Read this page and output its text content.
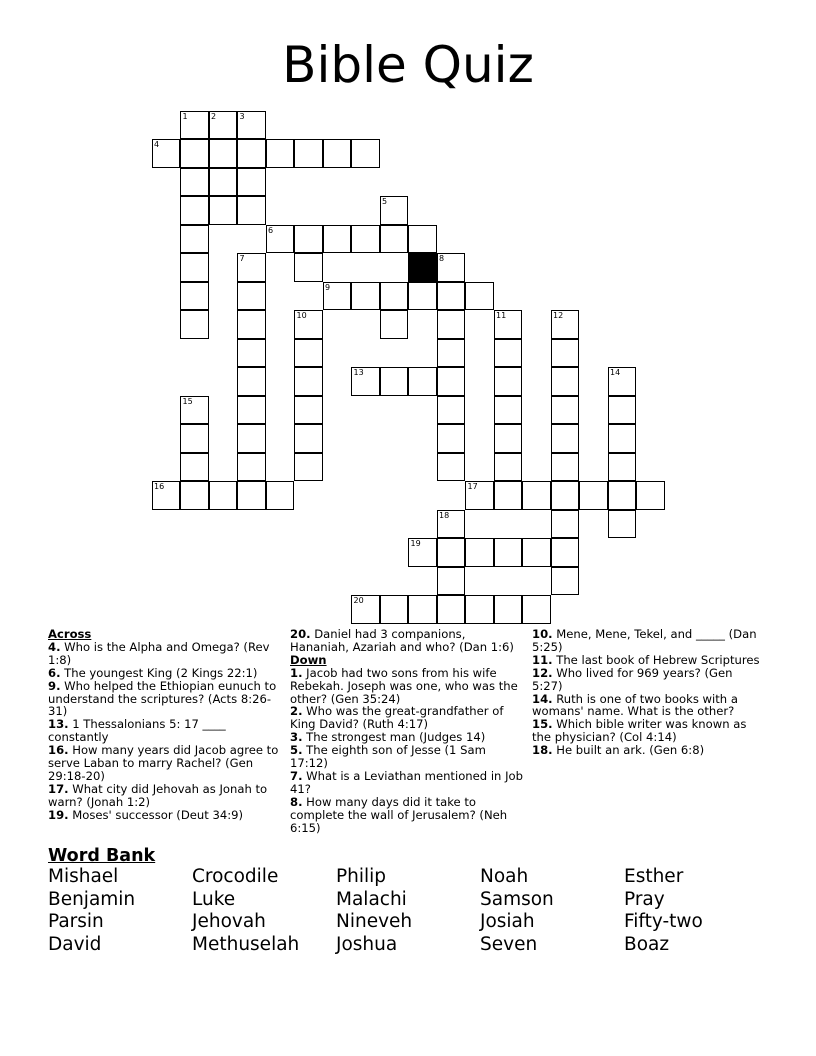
Bible Quiz
1	2	3
4
5
6
7	8
9
10	11	12
13	14
15
16	17
18
19
20
Across
4. Who is the Alpha and Omega? (Rev 1:8)
6. The youngest King (2 Kings 22:1)
9. Who helped the Ethiopian eunuch to understand the scriptures? (Acts 8:26-31)
13. 1 Thessalonians 5: 17 ____ constantly
16. How many years did Jacob agree to serve Laban to marry Rachel? (Gen 29:18-20)
17. What city did Jehovah as Jonah to warn? (Jonah 1:2)
19. Moses' successor (Deut 34:9)
20. Daniel had 3 companions, Hananiah, Azariah and who? (Dan 1:6)
Down
1. Jacob had two sons from his wife Rebekah. Joseph was one, who was the other? (Gen 35:24)
2. Who was the great-grandfather of King David? (Ruth 4:17)
3. The strongest man (Judges 14)
5. The eighth son of Jesse (1 Sam 17:12)
7. What is a Leviathan mentioned in Job 41?
8. How many days did it take to complete the wall of Jerusalem? (Neh 6:15)
10. Mene, Mene, Tekel, and _____ (Dan 5:25)
11. The last book of Hebrew Scriptures
12. Who lived for 969 years? (Gen 5:27)
14. Ruth is one of two books with a womans' name. What is the other?
15. Which bible writer was known as the physician? (Col 4:14)
18. He built an ark. (Gen 6:8)
Word Bank
Mishael	Crocodile	Philip	Noah	Esther
Benjamin	Luke	Malachi	Samson	Pray
Parsin	Jehovah	Nineveh	Josiah	Fifty-two
David	Methuselah	Joshua	Seven	Boaz
